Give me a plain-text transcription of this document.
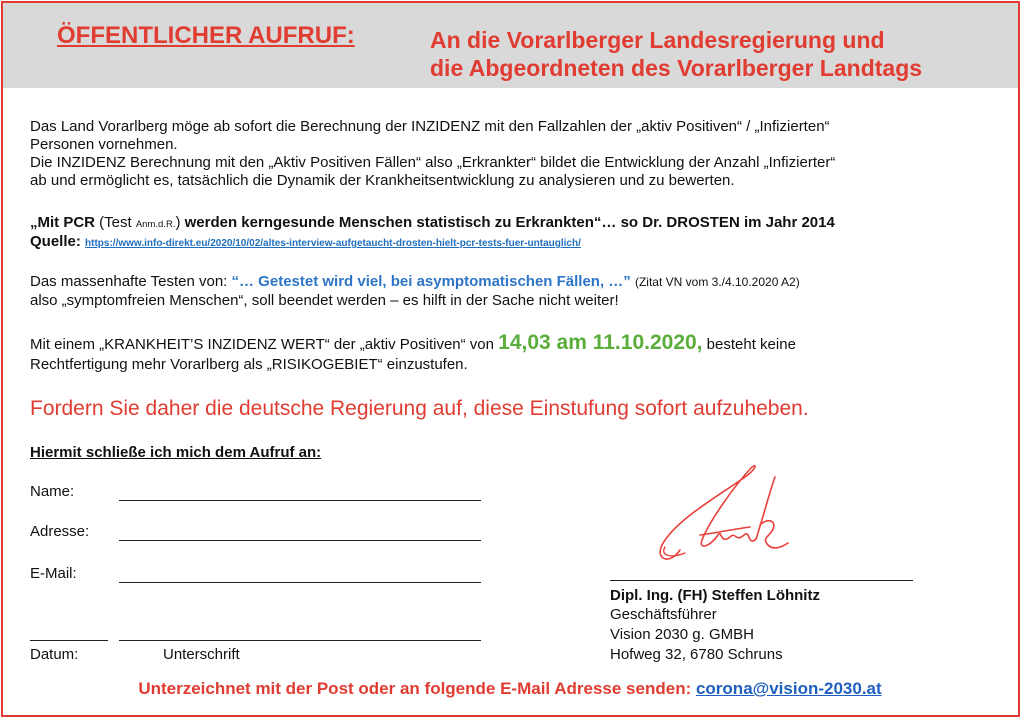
ÖFFENTLICHER AUFRUF:	An die Vorarlberger Landesregierung und
die Abgeordneten des Vorarlberger Landtags
Das Land Vorarlberg möge ab sofort die Berechnung der INZIDENZ mit den Fallzahlen der „aktiv Positiven“ / „Infizierten“
Personen vornehmen.
Die INZIDENZ Berechnung mit den „Aktiv Positiven Fällen“ also „Erkrankter“ bildet die Entwicklung der Anzahl „Infizierter“
ab und ermöglicht es, tatsächlich die Dynamik der Krankheitsentwicklung zu analysieren und zu bewerten.
„Mit PCR (Test Anm.d.R.) werden kerngesunde Menschen statistisch zu Erkrankten“… so Dr. DROSTEN im Jahr 2014
Quelle: https://www.info-direkt.eu/2020/10/02/altes-interview-aufgetaucht-drosten-hielt-pcr-tests-fuer-untauglich/
Das massenhafte Testen von: “… Getestet wird viel, bei asymptomatischen Fällen, …” (Zitat VN vom 3./4.10.2020 A2)
also „symptomfreien Menschen“, soll beendet werden – es hilft in der Sache nicht weiter!
Mit einem „KRANKHEIT’S INZIDENZ WERT“ der „aktiv Positiven“ von 14,03 am 11.10.2020, besteht keine
Rechtfertigung mehr Vorarlberg als „RISIKOGEBIET“ einzustufen.
Fordern Sie daher die deutsche Regierung auf, diese Einstufung sofort aufzuheben.
Hiermit schließe ich mich dem Aufruf an:
Name:
Adresse:
E-Mail:
Datum:	Unterschrift
Dipl. Ing. (FH) Steffen Löhnitz
Geschäftsführer
Vision 2030 g. GMBH
Hofweg 32, 6780 Schruns
Unterzeichnet mit der Post oder an folgende E-Mail Adresse senden: corona@vision-2030.at
